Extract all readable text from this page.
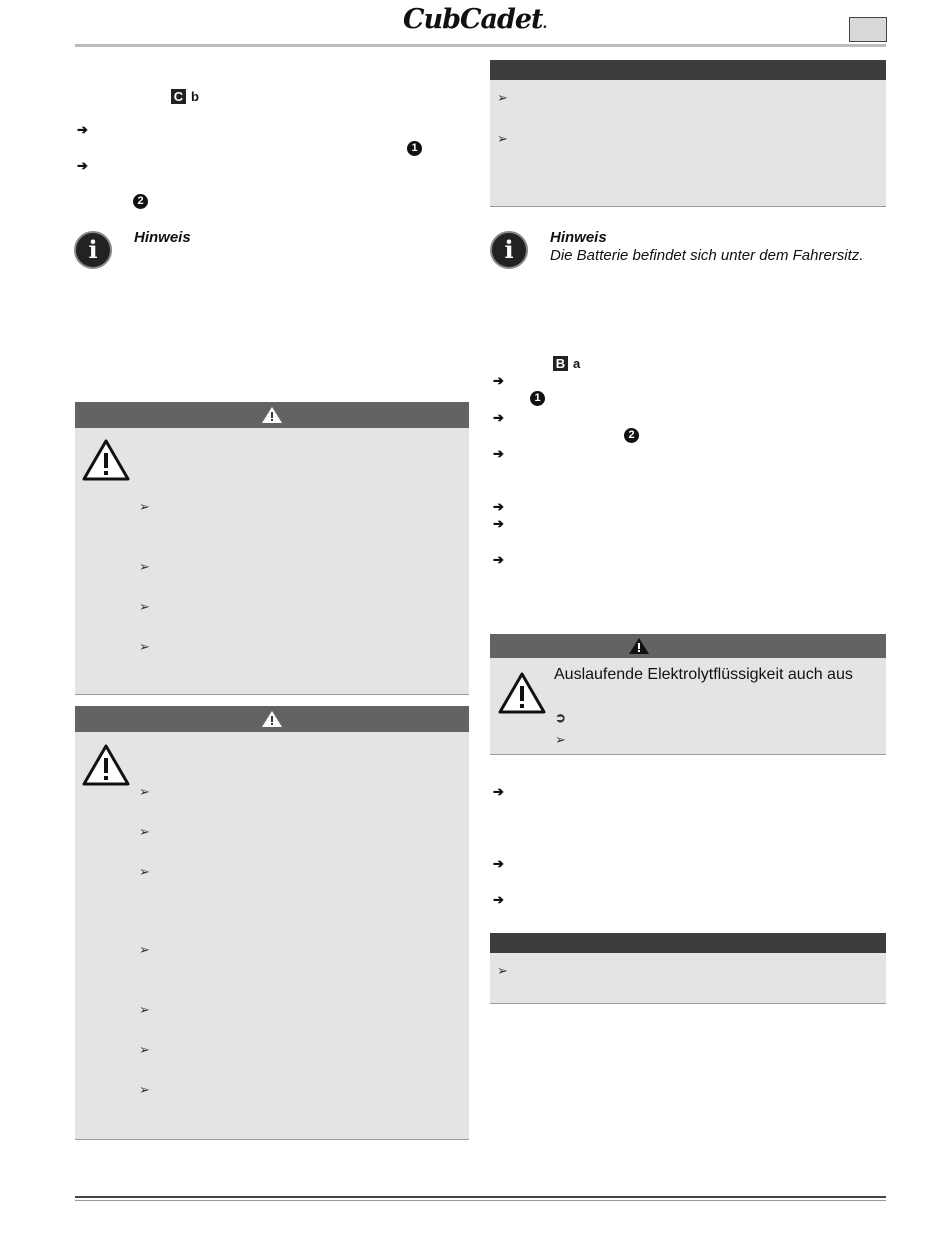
CubCadet.
C b
➔
1
➔
2
i	Hinweis
➢
➢
➢
➢
➢
➢
➢
➢
➢
➢
➢
➢
➢
i	Hinweis
Die Batterie befindet sich unter dem Fahrersitz.
B a
➔
1
➔
2
➔
➔
➔
➔
Auslaufende Elektrolytflüssigkeit auch aus
➲
➢
➔
➔
➔
➢
